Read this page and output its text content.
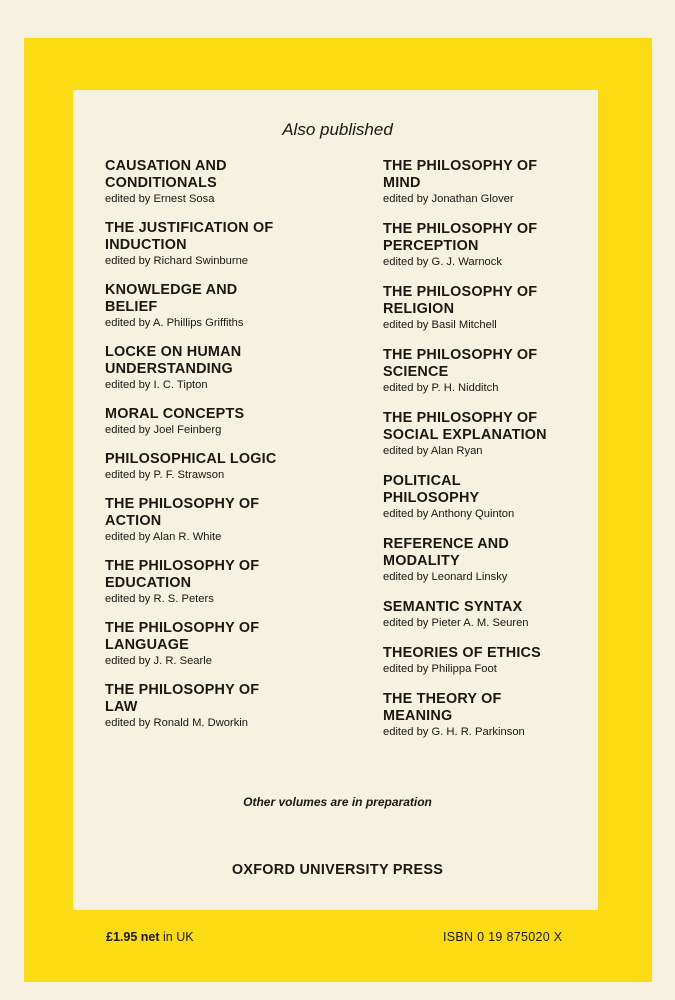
Also published
CAUSATION AND
CONDITIONALS
edited by Ernest Sosa
THE JUSTIFICATION OF
INDUCTION
edited by Richard Swinburne
KNOWLEDGE AND
BELIEF
edited by A. Phillips Griffiths
LOCKE ON HUMAN
UNDERSTANDING
edited by I. C. Tipton
MORAL CONCEPTS
edited by Joel Feinberg
PHILOSOPHICAL LOGIC
edited by P. F. Strawson
THE PHILOSOPHY OF
ACTION
edited by Alan R. White
THE PHILOSOPHY OF
EDUCATION
edited by R. S. Peters
THE PHILOSOPHY OF
LANGUAGE
edited by J. R. Searle
THE PHILOSOPHY OF
LAW
edited by Ronald M. Dworkin
THE PHILOSOPHY OF
MIND
edited by Jonathan Glover
THE PHILOSOPHY OF
PERCEPTION
edited by G. J. Warnock
THE PHILOSOPHY OF
RELIGION
edited by Basil Mitchell
THE PHILOSOPHY OF
SCIENCE
edited by P. H. Nidditch
THE PHILOSOPHY OF
SOCIAL EXPLANATION
edited by Alan Ryan
POLITICAL
PHILOSOPHY
edited by Anthony Quinton
REFERENCE AND
MODALITY
edited by Leonard Linsky
SEMANTIC SYNTAX
edited by Pieter A. M. Seuren
THEORIES OF ETHICS
edited by Philippa Foot
THE THEORY OF
MEANING
edited by G. H. R. Parkinson
Other volumes are in preparation
OXFORD UNIVERSITY PRESS
£1.95 net in UK	ISBN 0 19 875020 X
